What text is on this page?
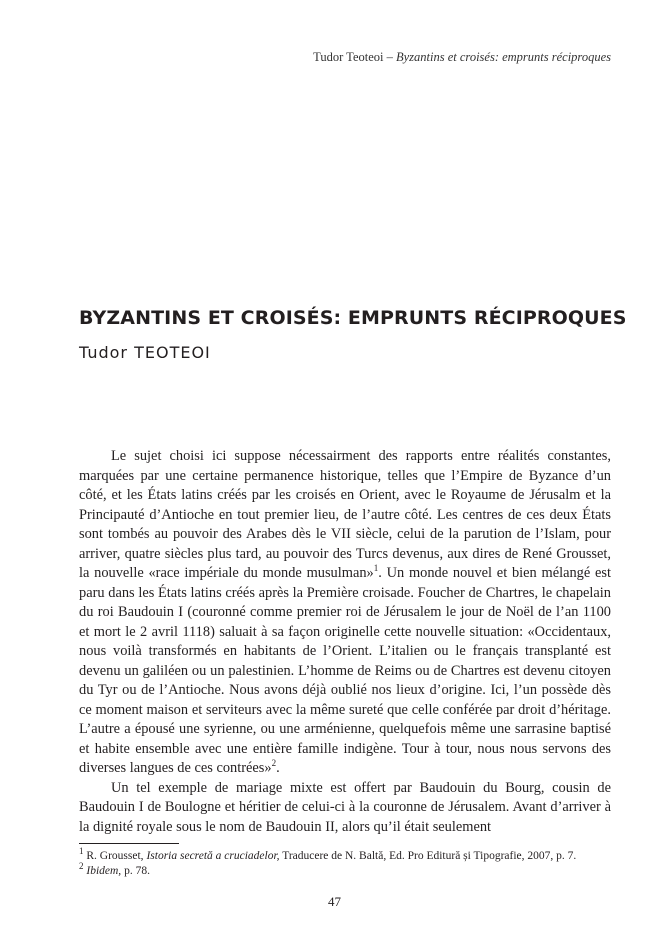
Tudor Teoteoi – Byzantins et croisés: emprunts réciproques
BYZANTINS ET CROISÉS: EMPRUNTS RÉCIPROQUES
Tudor TEOTEOI

Le sujet choisi ici suppose nécessairment des rapports entre réalités constantes, marquées par une certaine permanence historique, telles que l’Empire de Byzance d’un côté, et les États latins créés par les croisés en Orient, avec le Royaume de Jérusalm et la Principauté d’Antioche en tout premier lieu, de l’autre côté. Les centres de ces deux États sont tombés au pouvoir des Arabes dès le VII siècle, celui de la parution de l’Islam, pour arriver, quatre siècles plus tard, au pouvoir des Turcs devenus, aux dires de René Grousset, la nouvelle «race impériale du monde musulman»$^1$. Un monde nouvel et bien mélangé est paru dans les États latins créés après la Première croisade. Foucher de Chartres, le chapelain du roi Baudouin I (couronné comme premier roi de Jérusalem le jour de Noël de l’an 1100 et mort le 2 avril 1118) saluait à sa façon originelle cette nouvelle situation: «Occidentaux, nous voilà transformés en habitants de l’Orient. L’italien ou le français transplanté est devenu un galiléen ou un palestinien. L’homme de Reims ou de Chartres est devenu citoyen du Tyr ou de l’Antioche. Nous avons déjà oublié nos lieux d’origine. Ici, l’un possède dès ce moment maison et serviteurs avec la même sureté que celle conférée par droit d’héritage. L’autre a épousé une syrienne, ou une arménienne, quelquefois même une sarrasine baptisé et habite ensemble avec une entière famille indigène. Tour à tour, nous nous servons des diverses langues de ces contrées»$^2$.

Un tel exemple de mariage mixte est offert par Baudouin du Bourg, cousin de Baudouin I de Boulogne et héritier de celui-ci à la couronne de Jérusalem. Avant d’arriver à la dignité royale sous le nom de Baudouin II, alors qu’il était seulement

$^1$ R. Grousset, Istoria secretă a cruciadelor, Traducere de N. Baltă, Ed. Pro Editură și Tipografie, 2007, p. 7.
$^2$ Ibidem, p. 78.
47
